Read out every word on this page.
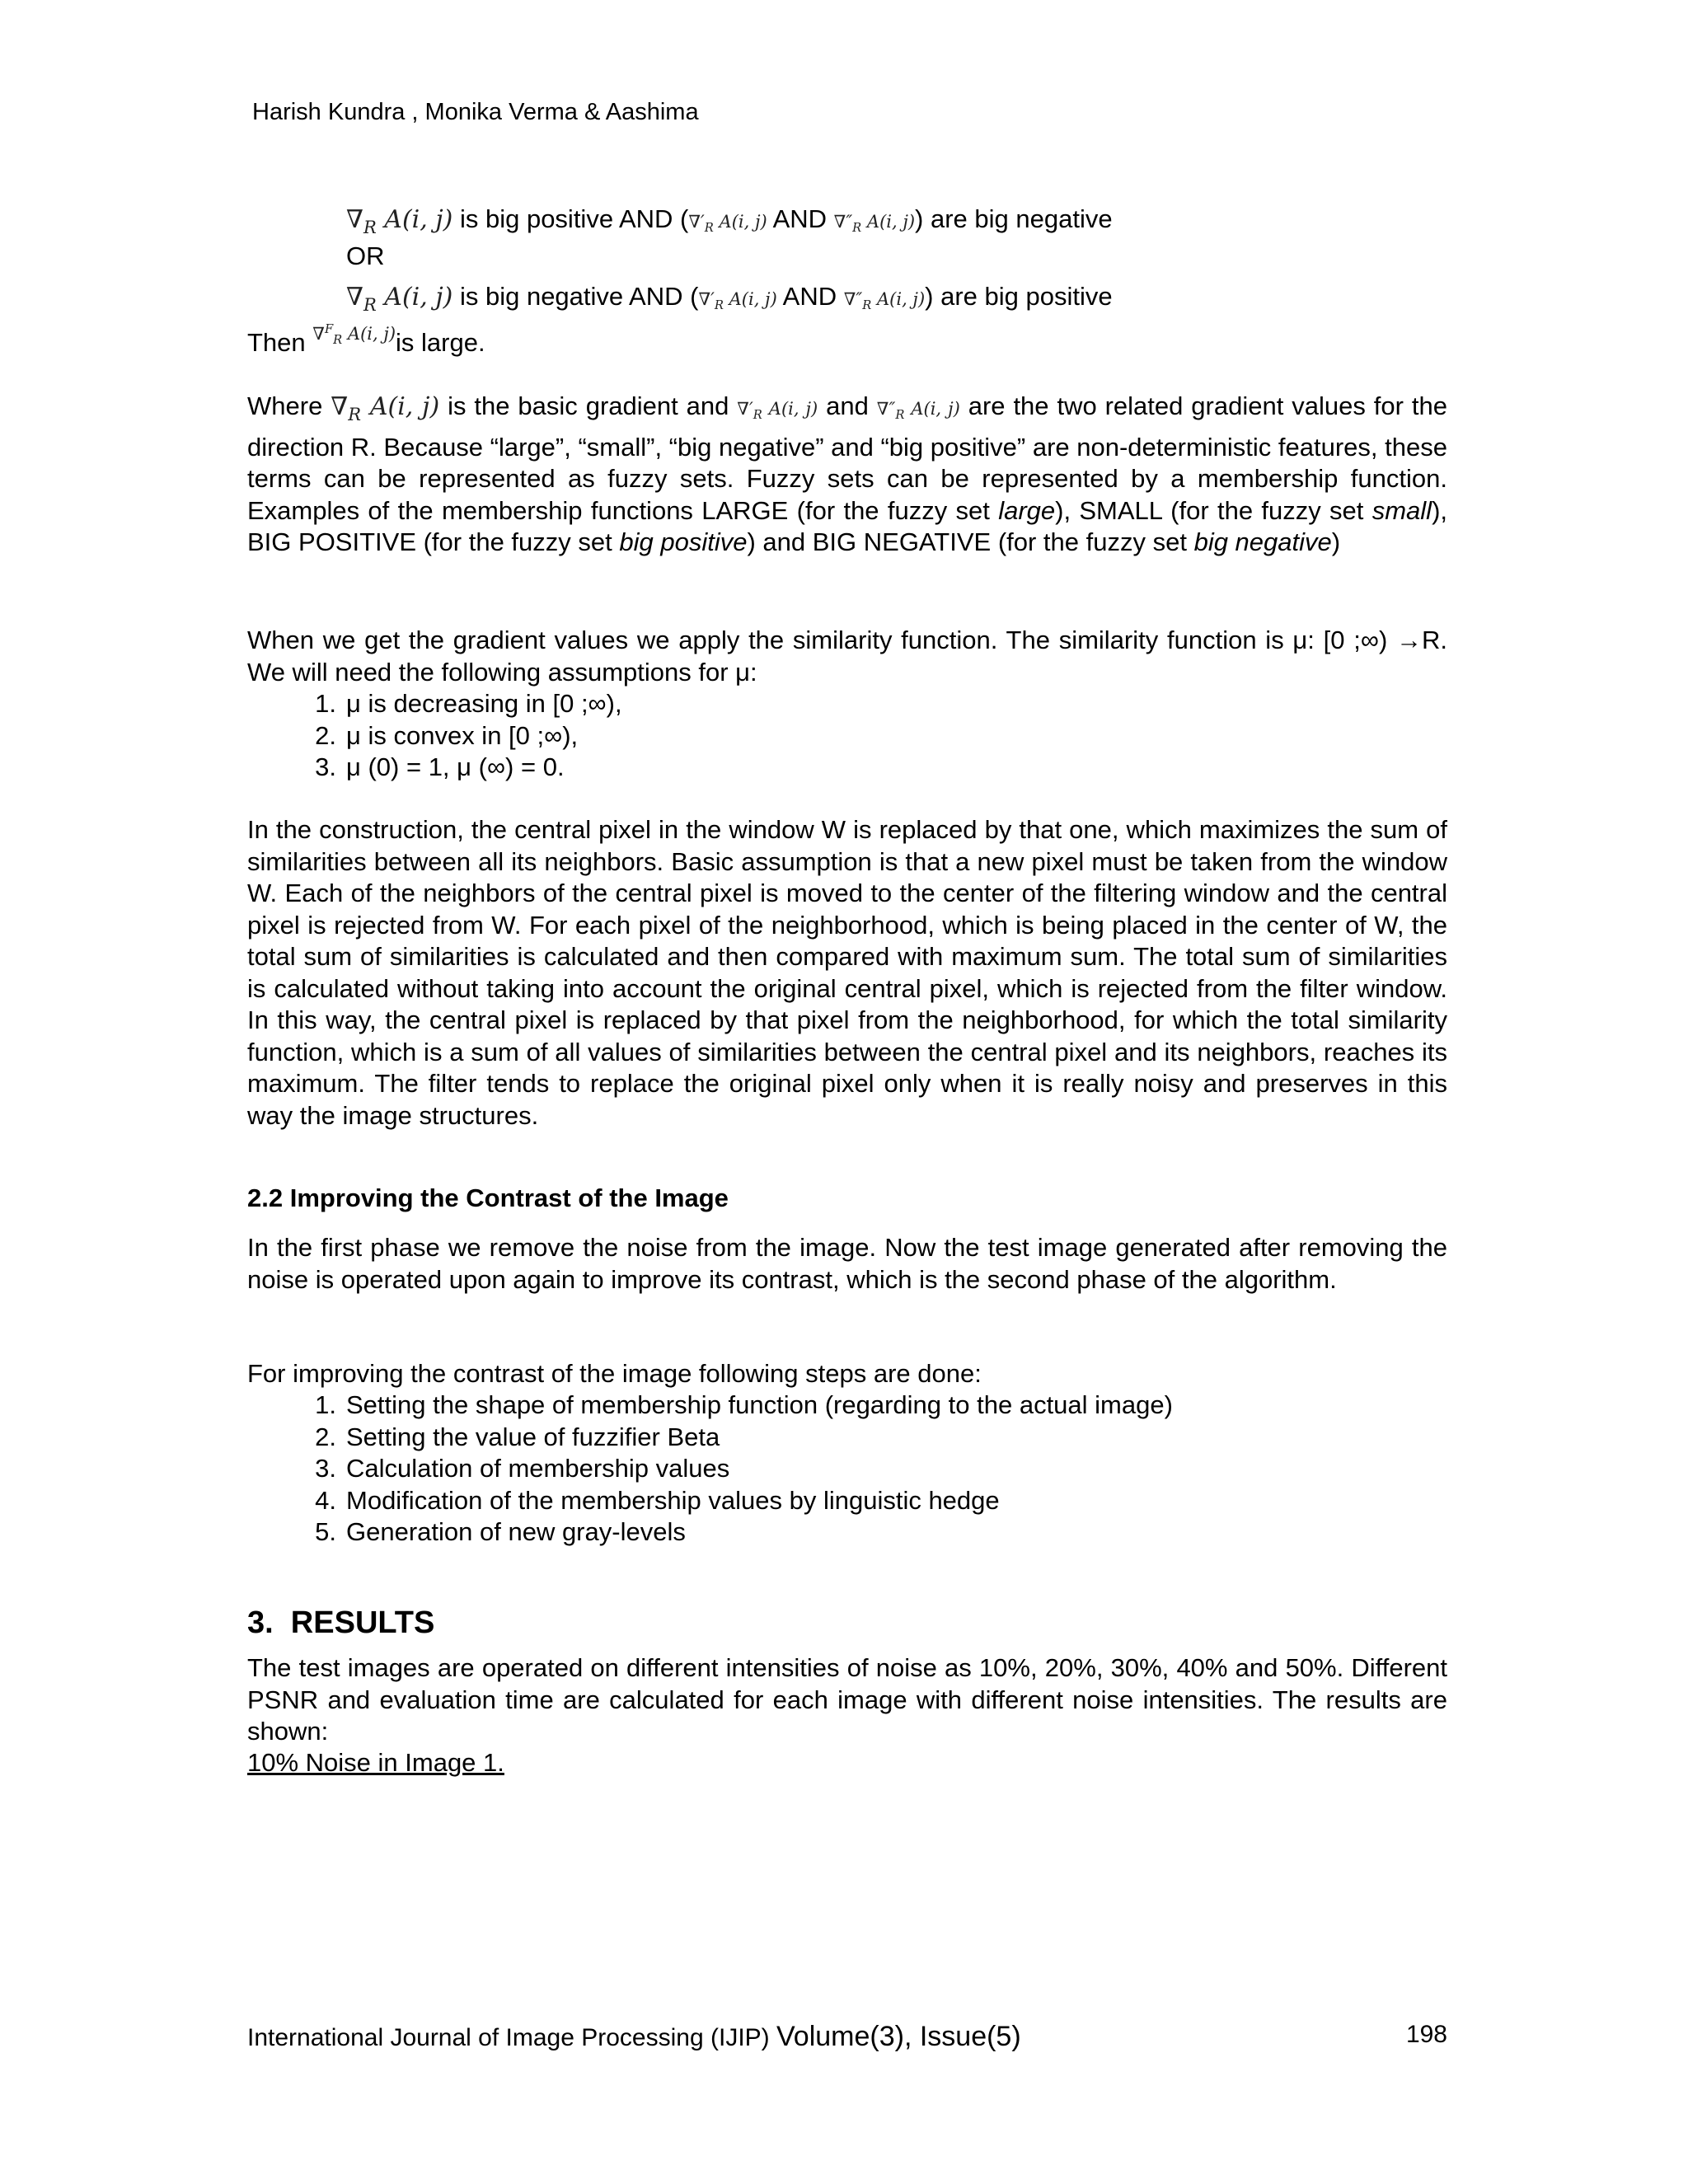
Harish Kundra , Monika Verma & Aashima
$\nabla_R$ A(i, j) is big positive AND ($\nabla'_R$ A(i, j) AND $\nabla''_R$ A(i, j)) are big negative
OR
$\nabla_R$ A(i, j) is big negative AND ($\nabla'_R$ A(i, j) AND $\nabla''_R$ A(i, j)) are big positive
Then $^{\nabla^F_R A(i, j)}$is large.
Where $\nabla_R$ A(i, j) is the basic gradient and $\nabla'_R$ A(i, j) and $\nabla''_R$ A(i, j) are the two related gradient values for the direction R. Because “large”, “small”, “big negative” and “big positive” are non-deterministic features, these terms can be represented as fuzzy sets. Fuzzy sets can be represented by a membership function. Examples of the membership functions LARGE (for the fuzzy set large), SMALL (for the fuzzy set small), BIG POSITIVE (for the fuzzy set big positive) and BIG NEGATIVE (for the fuzzy set big negative)
When we get the gradient values we apply the similarity function. The similarity function is μ: [0 ;∞) →R. We will need the following assumptions for μ:
1. μ is decreasing in [0 ;∞),
2. μ is convex in [0 ;∞),
3. μ (0) = 1, μ (∞) = 0.
In the construction, the central pixel in the window W is replaced by that one, which maximizes the sum of similarities between all its neighbors. Basic assumption is that a new pixel must be taken from the window W. Each of the neighbors of the central pixel is moved to the center of the filtering window and the central pixel is rejected from W. For each pixel of the neighborhood, which is being placed in the center of W, the total sum of similarities is calculated and then compared with maximum sum. The total sum of similarities is calculated without taking into account the original central pixel, which is rejected from the filter window. In this way, the central pixel is replaced by that pixel from the neighborhood, for which the total similarity function, which is a sum of all values of similarities between the central pixel and its neighbors, reaches its maximum. The filter tends to replace the original pixel only when it is really noisy and preserves in this way the image structures.
2.2 Improving the Contrast of the Image
In the first phase we remove the noise from the image. Now the test image generated after removing the noise is operated upon again to improve its contrast, which is the second phase of the algorithm.
For improving the contrast of the image following steps are done:
1. Setting the shape of membership function (regarding to the actual image)
2. Setting the value of fuzzifier Beta
3. Calculation of membership values
4. Modification of the membership values by linguistic hedge
5. Generation of new gray-levels
3.  RESULTS
The test images are operated on different intensities of noise as 10%, 20%, 30%, 40% and 50%. Different PSNR and evaluation time are calculated for each image with different noise intensities. The results are shown:
10% Noise in Image 1.
International Journal of Image Processing (IJIP) Volume(3), Issue(5)	198
